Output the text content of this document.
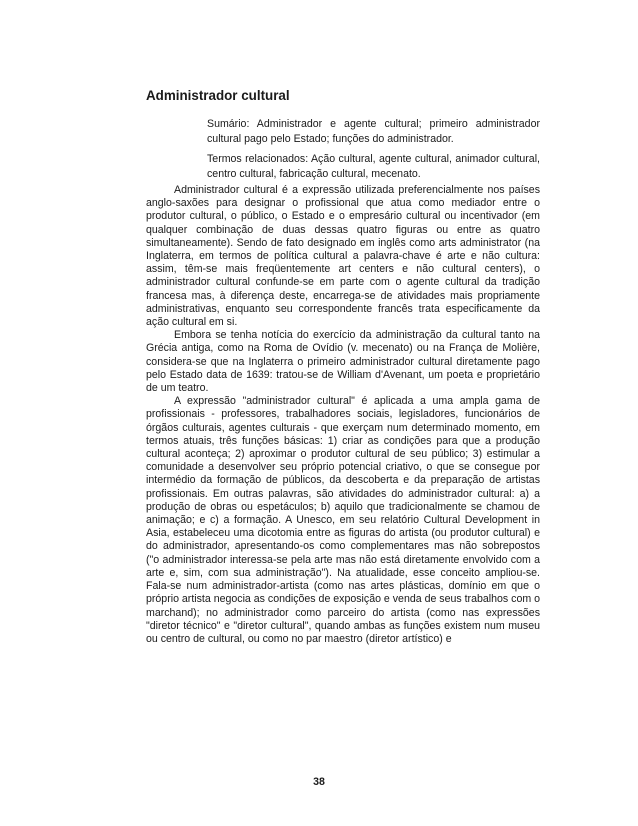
Administrador cultural

Sumário: Administrador e agente cultural; primeiro administrador cultural pago pelo Estado; funções do administrador.

Termos relacionados: Ação cultural, agente cultural, animador cultural, centro cultural, fabricação cultural, mecenato.

Administrador cultural é a expressão utilizada preferencialmente nos países anglo-saxões para designar o profissional que atua como mediador entre o produtor cultural, o público, o Estado e o empresário cultural ou incentivador (em qualquer combinação de duas dessas quatro figuras ou entre as quatro simultaneamente). Sendo de fato designado em inglês como arts administrator (na Inglaterra, em termos de política cultural a palavra-chave é arte e não cultura: assim, têm-se mais freqüentemente art centers e não cultural centers), o administrador cultural confunde-se em parte com o agente cultural da tradição francesa mas, à diferença deste, encarrega-se de atividades mais propriamente administrativas, enquanto seu correspondente francês trata especificamente da ação cultural em si.

Embora se tenha notícia do exercício da administração da cultural tanto na Grécia antiga, como na Roma de Ovídio (v. mecenato) ou na França de Molière, considera-se que na Inglaterra o primeiro administrador cultural diretamente pago pelo Estado data de 1639: tratou-se de William d'Avenant, um poeta e proprietário de um teatro.

A expressão "administrador cultural" é aplicada a uma ampla gama de profissionais - professores, trabalhadores sociais, legisladores, funcionários de órgãos culturais, agentes culturais - que exerçam num determinado momento, em termos atuais, três funções básicas: 1) criar as condições para que a produção cultural aconteça; 2) aproximar o produtor cultural de seu público; 3) estimular a comunidade a desenvolver seu próprio potencial criativo, o que se consegue por intermédio da formação de públicos, da descoberta e da preparação de artistas profissionais. Em outras palavras, são atividades do administrador cultural: a) a produção de obras ou espetáculos; b) aquilo que tradicionalmente se chamou de animação; e c) a formação. A Unesco, em seu relatório Cultural Development in Asia, estabeleceu uma dicotomia entre as figuras do artista (ou produtor cultural) e do administrador, apresentando-os como complementares mas não sobrepostos ("o administrador interessa-se pela arte mas não está diretamente envolvido com a arte e, sim, com sua administração"). Na atualidade, esse conceito ampliou-se. Fala-se num administrador-artista (como nas artes plásticas, domínio em que o próprio artista negocia as condições de exposição e venda de seus trabalhos com o marchand); no administrador como parceiro do artista (como nas expressões "diretor técnico" e "diretor cultural", quando ambas as funções existem num museu ou centro de cultural, ou como no par maestro (diretor artístico) e

38
